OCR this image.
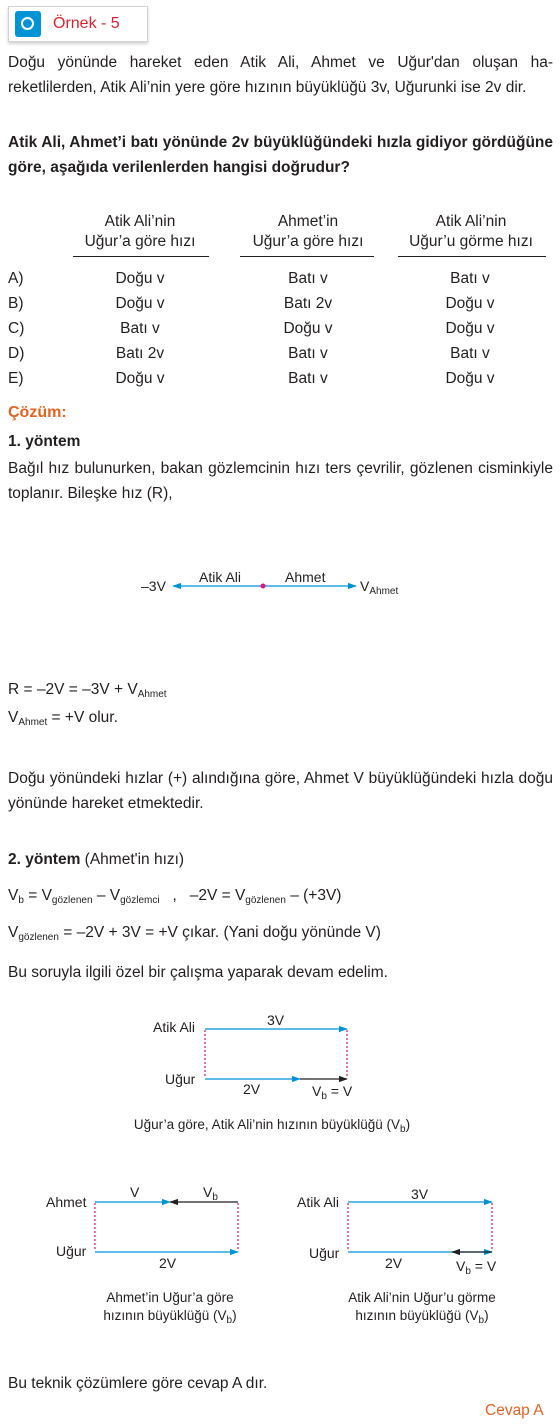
Örnek - 5
Doğu yönünde hareket eden Atik Ali, Ahmet ve Uğur'dan oluşan ha-reketlilerden, Atik Ali’nin yere göre hızının büyüklüğü 3v, Uğurunki ise 2v dir.
Atik Ali, Ahmet’i batı yönünde 2v büyüklüğündeki hızla gidiyor gördüğüne göre, aşağıda verilenlerden hangisi doğrudur?
Atik Ali’nin
Uğur’a göre hızı
Ahmet’in
Uğur’a göre hızı
Atik Ali’nin
Uğur’u görme hızı
A)	Doğu v	Batı v	Batı v
B)	Doğu v	Batı 2v	Doğu v
C)	Batı v	Doğu v	Doğu v
D)	Batı 2v	Batı v	Batı v
E)	Doğu v	Batı v	Doğu v
Çözüm:
1. yöntem
Bağıl hız bulunurken, bakan gözlemcinin hızı ters çevrilir, gözlenen cisminkiyle toplanır. Bileşke hız (R),
–3V
Atik Ali	Ahmet
$V_{Ahmet}$
$R = -2V = -3V + V_{Ahmet}$
$V_{Ahmet} = +V$ olur.
Doğu yönündeki hızlar (+) alındığına göre, Ahmet V büyüklüğündeki hızla doğu yönünde hareket etmektedir.
2. yöntem (Ahmet'in hızı)
$V_b = V_{gözlenen} - V_{gözlemci}$   ,   $-2V = V_{gözlenen} - (+3V)$
$V_{gözlenen} = -2V + 3V = +V$ çıkar. (Yani doğu yönünde V)
Bu soruyla ilgili özel bir çalışma yaparak devam edelim.
Atik Ali	3V
Uğur
2V	$V_b = V$
Uğur’a göre, Atik Ali’nin hızının büyüklüğü $(V_b)$
Ahmet
V	$V_b$
Uğur
2V
Ahmet’in Uğur’a göre
hızının büyüklüğü $(V_b)$
Atik Ali	3V
Uğur
2V	$V_b = V$
Atik Ali’nin Uğur’u görme
hızının büyüklüğü $(V_b)$
Bu teknik çözümlere göre cevap A dır.
Cevap A
